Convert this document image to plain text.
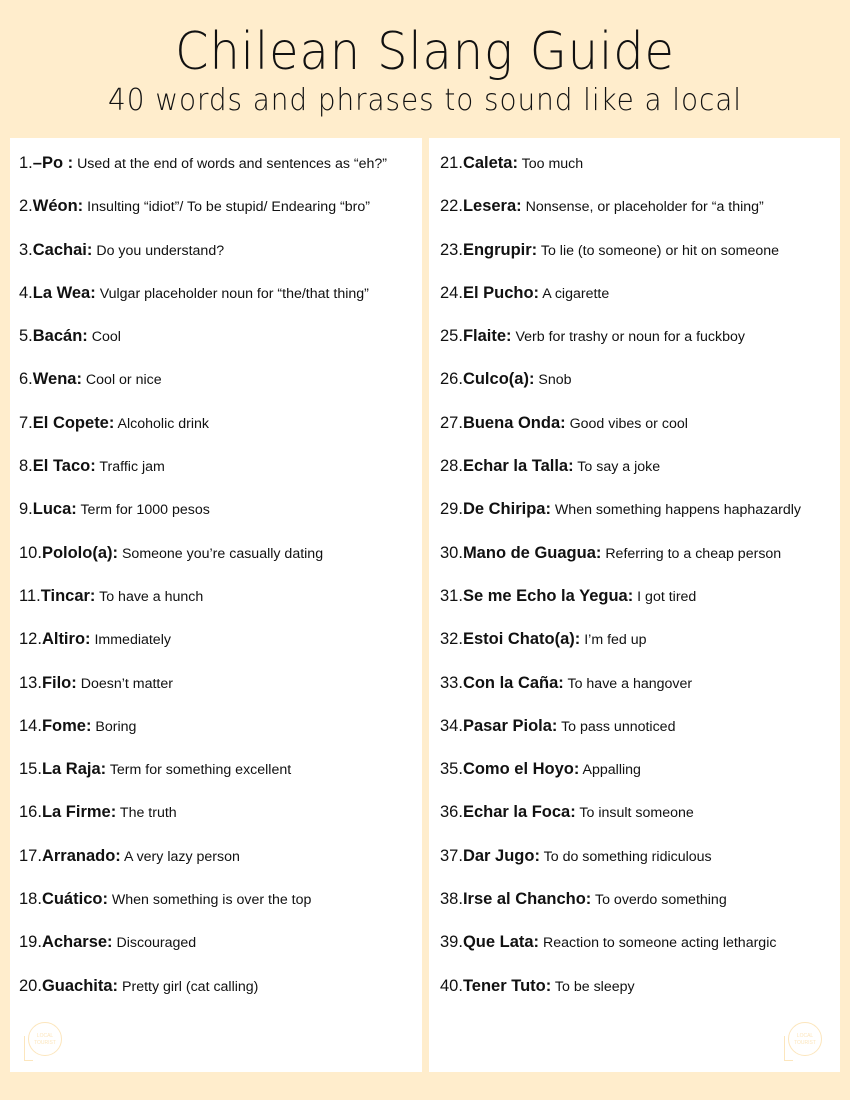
Chilean Slang Guide
40 words and phrases to sound like a local
1.–Po : Used at the end of words and sentences as “eh?”
2.Wéon: Insulting “idiot”/ To be stupid/ Endearing “bro”
3.Cachai: Do you understand?
4.La Wea: Vulgar placeholder noun for “the/that thing”
5.Bacán: Cool
6.Wena: Cool or nice
7.El Copete: Alcoholic drink
8.El Taco: Traffic jam
9.Luca: Term for 1000 pesos
10.Pololo(a): Someone you’re casually dating
11.Tincar: To have a hunch
12.Altiro: Immediately
13.Filo: Doesn’t matter
14.Fome: Boring
15.La Raja: Term for something excellent
16.La Firme: The truth
17.Arranado: A very lazy person
18.Cuático: When something is over the top
19.Acharse: Discouraged
20.Guachita: Pretty girl (cat calling)
LOCAL
TOURIST
21.Caleta: Too much
22.Lesera: Nonsense, or placeholder for “a thing”
23.Engrupir: To lie (to someone) or hit on someone
24.El Pucho: A cigarette
25.Flaite: Verb for trashy or noun for a fuckboy
26.Culco(a): Snob
27.Buena Onda: Good vibes or cool
28.Echar la Talla: To say a joke
29.De Chiripa: When something happens haphazardly
30.Mano de Guagua: Referring to a cheap person
31.Se me Echo la Yegua: I got tired
32.Estoi Chato(a): I’m fed up
33.Con la Caña: To have a hangover
34.Pasar Piola: To pass unnoticed
35.Como el Hoyo: Appalling
36.Echar la Foca: To insult someone
37.Dar Jugo: To do something ridiculous
38.Irse al Chancho: To overdo something
39.Que Lata: Reaction to someone acting lethargic
40.Tener Tuto: To be sleepy
LOCAL
TOURIST
